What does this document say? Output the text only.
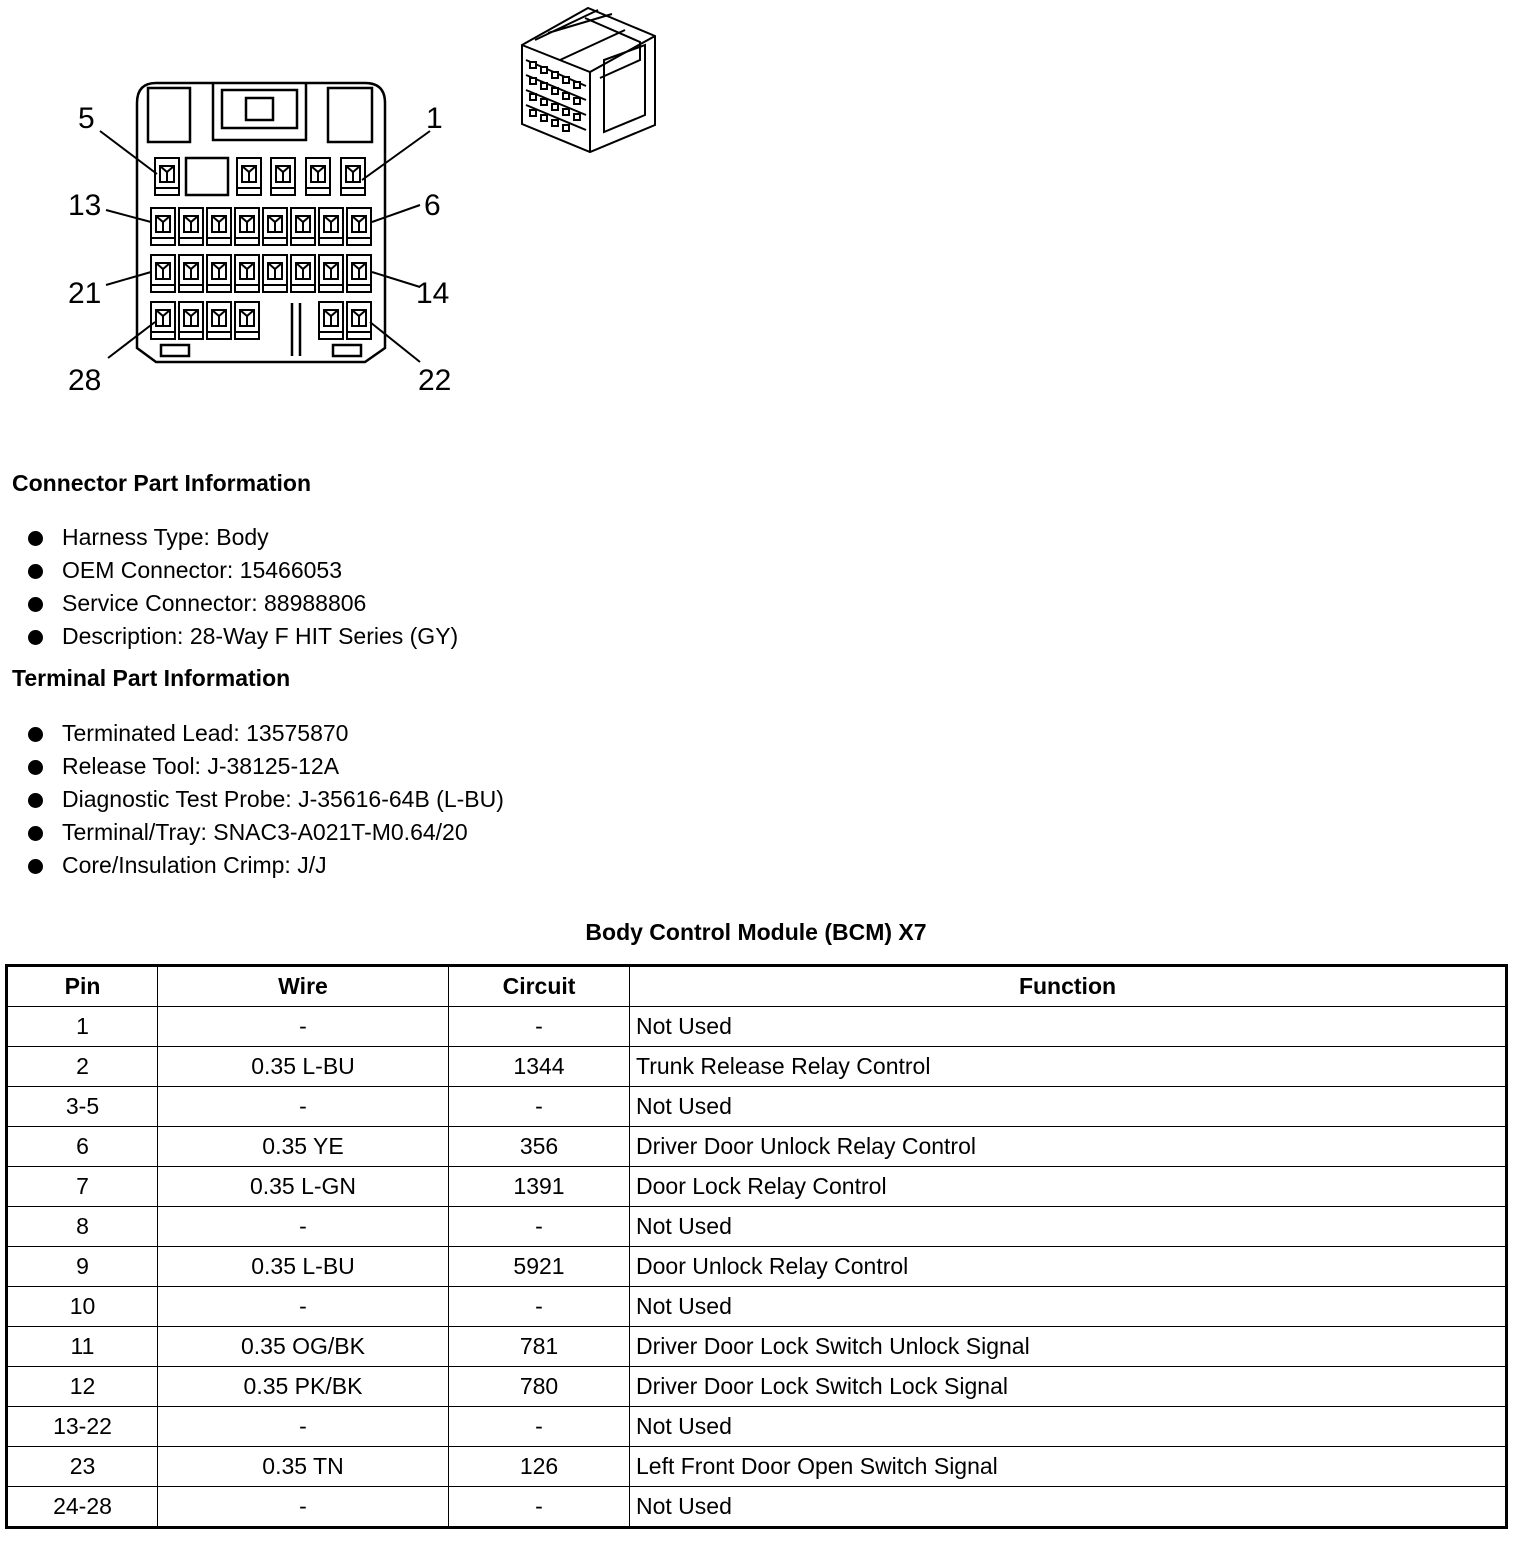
5	1
13	6
21	14
28	22
Connector Part Information
Harness Type: Body
OEM Connector: 15466053
Service Connector: 88988806
Description: 28-Way F HIT Series (GY)
Terminal Part Information
Terminated Lead: 13575870
Release Tool: J-38125-12A
Diagnostic Test Probe: J-35616-64B (L-BU)
Terminal/Tray: SNAC3-A021T-M0.64/20
Core/Insulation Crimp: J/J
Body Control Module (BCM) X7
Pin	Wire	Circuit	Function
1	-	-	Not Used
2	0.35 L-BU	1344	Trunk Release Relay Control
3-5	-	-	Not Used
6	0.35 YE	356	Driver Door Unlock Relay Control
7	0.35 L-GN	1391	Door Lock Relay Control
8	-	-	Not Used
9	0.35 L-BU	5921	Door Unlock Relay Control
10	-	-	Not Used
11	0.35 OG/BK	781	Driver Door Lock Switch Unlock Signal
12	0.35 PK/BK	780	Driver Door Lock Switch Lock Signal
13-22	-	-	Not Used
23	0.35 TN	126	Left Front Door Open Switch Signal
24-28	-	-	Not Used
